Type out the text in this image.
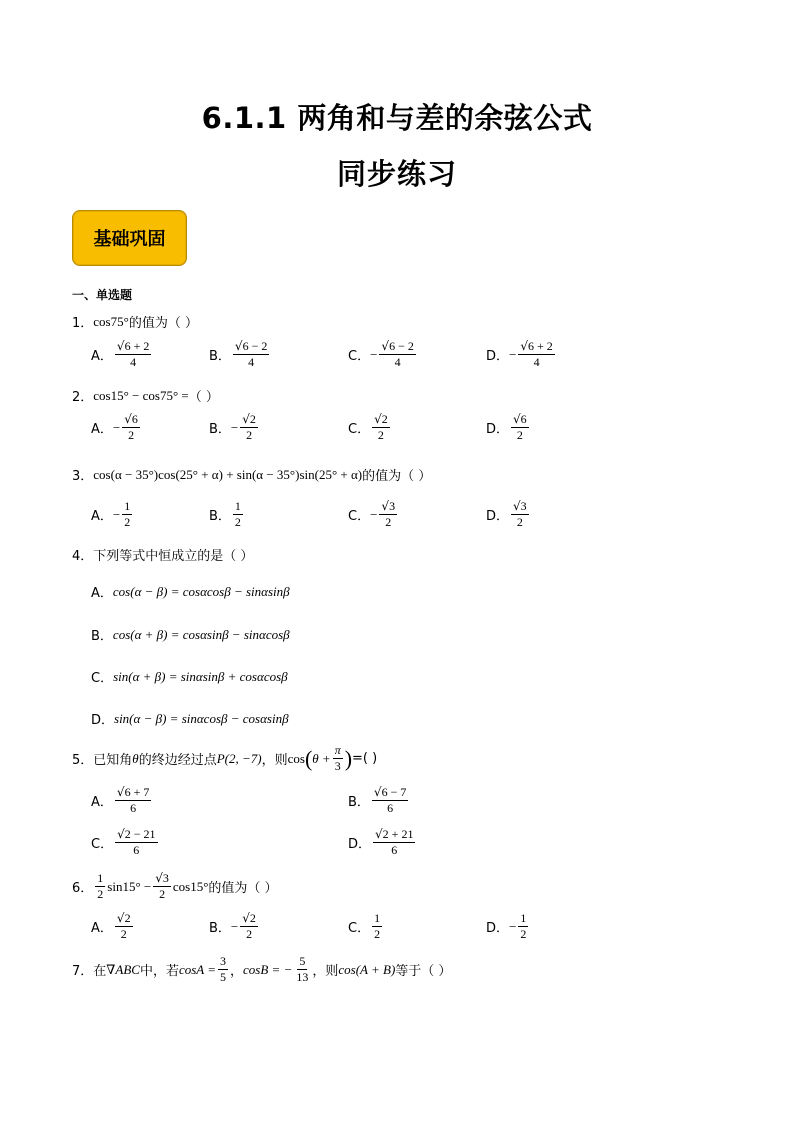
6.1.1 两角和与差的余弦公式
同步练习
基础巩固
一、单选题
1． cos75° 的值为（ ）
A． $\frac{√6 + 2}{4}$	B． $\frac{√6 - 2}{4}$	C． − $\frac{√6 - 2}{4}$	D． − $\frac{√6 + 2}{4}$
2． cos15° − cos75° = （ ）
A． − $\frac{√6}{2}$	B． − $\frac{√2}{2}$	C． $\frac{√2}{2}$	D． $\frac{√6}{2}$
3． cos(α − 35°)cos(25° + α) + sin(α − 35°)sin(25° + α) 的值为（ ）
A． − $\frac{1}{2}$	B． $\frac{1}{2}$	C． − $\frac{√3}{2}$	D． $\frac{√3}{2}$
4． 下列等式中恒成立的是（ ）
A． cos(α − β) = cosαcosβ − sinαsinβ
B． cos(α + β) = cosαsinβ − sinαcosβ
C． sin(α + β) = sinαsinβ + cosαcosβ
D． sin(α − β) = sinαcosβ − cosαsinβ
5． 已知角 θ 的终边经过点 P(2, −7) ，则 cos ( $\theta + \frac{\pi}{3}$ ) =( )
A． $\frac{√6 + 7}{6}$	B． $\frac{√6 - 7}{6}$
C． $\frac{√2 - 21}{6}$	D． $\frac{√2 + 21}{6}$
6． $\frac{1}{2} \sin 15^\circ - \frac{√3}{2} \cos 15^\circ$ 的值为（ ）
A． $\frac{√2}{2}$	B． − $\frac{√2}{2}$	C． $\frac{1}{2}$	D． − $\frac{1}{2}$
7． 在 ∇ABC 中，若 $\cos A = \frac{3}{5}$ ， cosB = − $\frac{5}{13}$ ，则 cos(A + B) 等于（ ）
